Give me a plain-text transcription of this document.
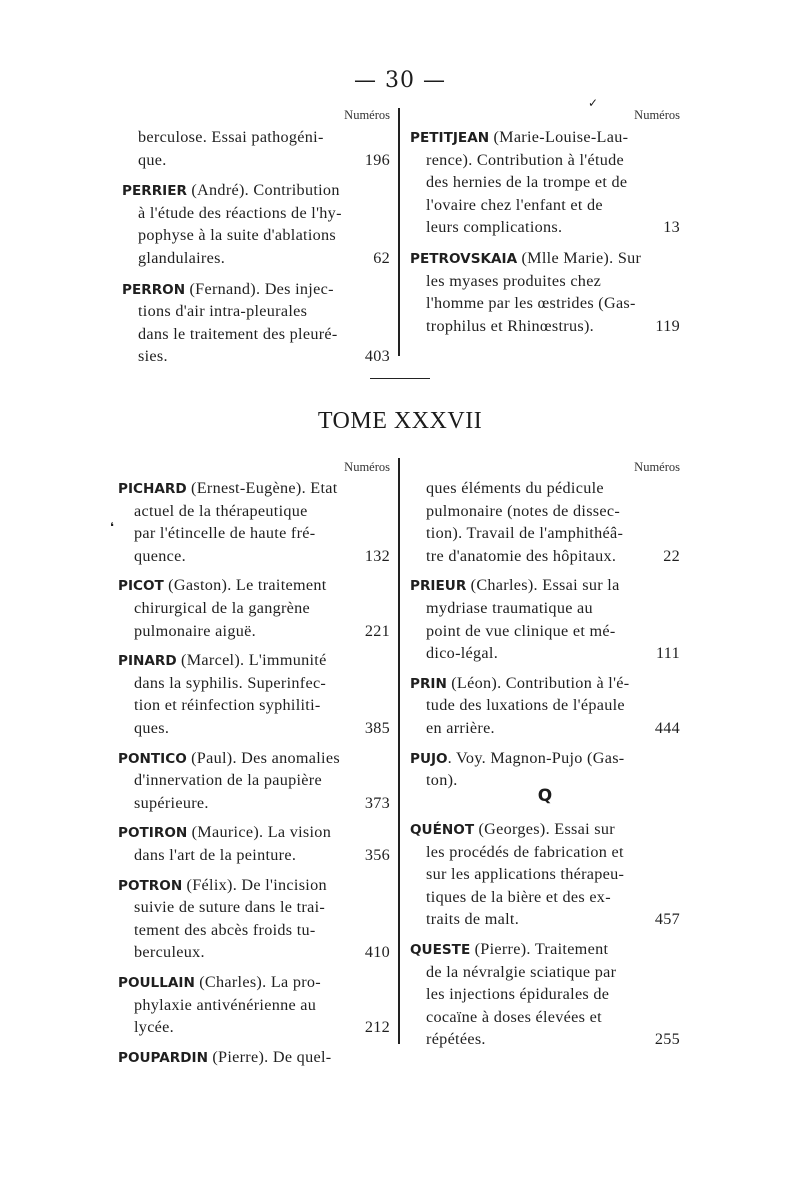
— 30 —
Numéros	Numéros
✓
berculose. Essai pathogéni-
que.	196
PERRIER (André). Contribution
à l'étude des réactions de l'hy-
pophyse à la suite d'ablations
glandulaires.	62
PERRON (Fernand). Des injec-
tions d'air intra-pleurales
dans le traitement des pleuré-
sies.	403
PETITJEAN (Marie-Louise-Lau-
rence). Contribution à l'étude
des hernies de la trompe et de
l'ovaire chez l'enfant et de
leurs complications.	13
PETROVSKAIA (Mlle Marie). Sur
les myases produites chez
l'homme par les œstrides (Gas-
trophilus et Rhinœstrus).	119
TOME XXXVII
Numéros	Numéros
PICHARD (Ernest-Eugène). Etat
actuel de la thérapeutique
par l'étincelle de haute fré-
quence.	132
PICOT (Gaston). Le traitement
chirurgical de la gangrène
pulmonaire aiguë.	221
PINARD (Marcel). L'immunité
dans la syphilis. Superinfec-
tion et réinfection syphiliti-
ques.	385
PONTICO (Paul). Des anomalies
d'innervation de la paupière
supérieure.	373
POTIRON (Maurice). La vision
dans l'art de la peinture.	356
POTRON (Félix). De l'incision
suivie de suture dans le trai-
tement des abcès froids tu-
berculeux.	410
POULLAIN (Charles). La pro-
phylaxie antivénérienne au
lycée.	212
POUPARDIN (Pierre). De quel-
ques éléments du pédicule
pulmonaire (notes de dissec-
tion). Travail de l'amphithéâ-
tre d'anatomie des hôpitaux.	22
PRIEUR (Charles). Essai sur la
mydriase traumatique au
point de vue clinique et mé-
dico-légal.	111
PRIN (Léon). Contribution à l'é-
tude des luxations de l'épaule
en arrière.	444
PUJO. Voy. Magnon-Pujo (Gas-
ton).
❛
Q
QUÉNOT (Georges). Essai sur
les procédés de fabrication et
sur les applications thérapeu-
tiques de la bière et des ex-
traits de malt.	457
QUESTE (Pierre). Traitement
de la névralgie sciatique par
les injections épidurales de
cocaïne à doses élevées et
répétées.	255
